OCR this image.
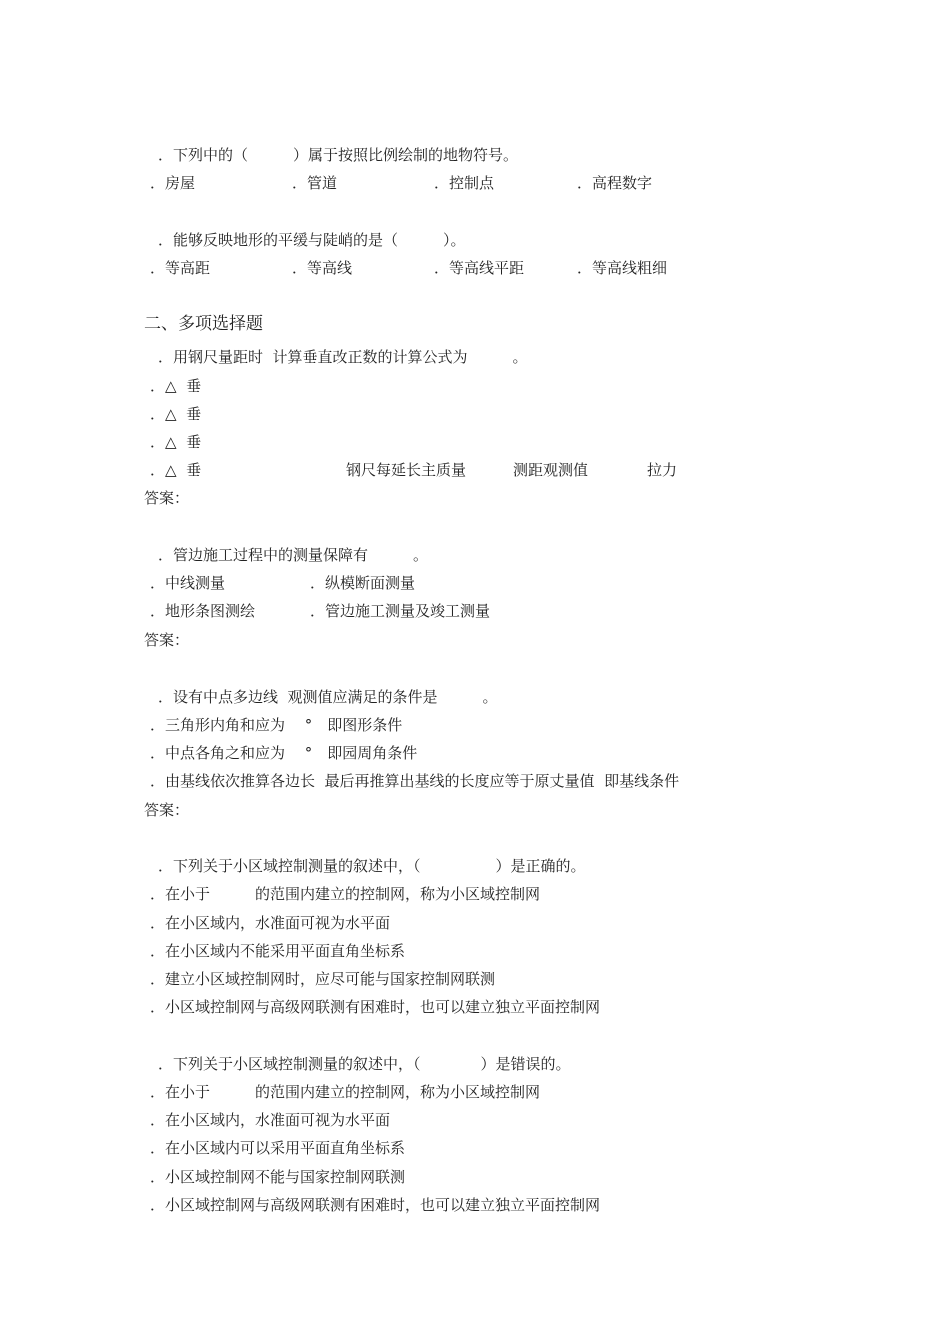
．下列中的（　　　）属于按照比例绘制的地物符号。
．房屋	．管道	．控制点	．高程数字
．能够反映地形的平缓与陡峭的是（　　　）。
．等高距	．等高线	．等高线平距	．等高线粗细
二、多项选择题
．用钢尺量距时  计算垂直改正数的计算公式为　　　。
．△  垂
．△  垂
．△  垂
．△  垂	钢尺每延长主质量	测距观测值	拉力
答案：
．管边施工过程中的测量保障有　　　。
．中线测量	．纵模断面测量
．地形条图测绘	．管边施工测量及竣工测量
答案：
．设有中点多边线  观测值应满足的条件是　　　。
．三角形内角和应为　 °　即图形条件
．中点各角之和应为　 °　即园周角条件
．由基线依次推算各边长  最后再推算出基线的长度应等于原丈量值  即基线条件
答案：
．下列关于小区域控制测量的叙述中，（　　　　　）是正确的。
．在小于　　　的范围内建立的控制网，称为小区域控制网
．在小区域内，水准面可视为水平面
．在小区域内不能采用平面直角坐标系
．建立小区域控制网时，应尽可能与国家控制网联测
．小区域控制网与高级网联测有困难时，也可以建立独立平面控制网
．下列关于小区域控制测量的叙述中，（　　　　）是错误的。
．在小于　　　的范围内建立的控制网，称为小区域控制网
．在小区域内，水准面可视为水平面
．在小区域内可以采用平面直角坐标系
．小区域控制网不能与国家控制网联测
．小区域控制网与高级网联测有困难时，也可以建立独立平面控制网
